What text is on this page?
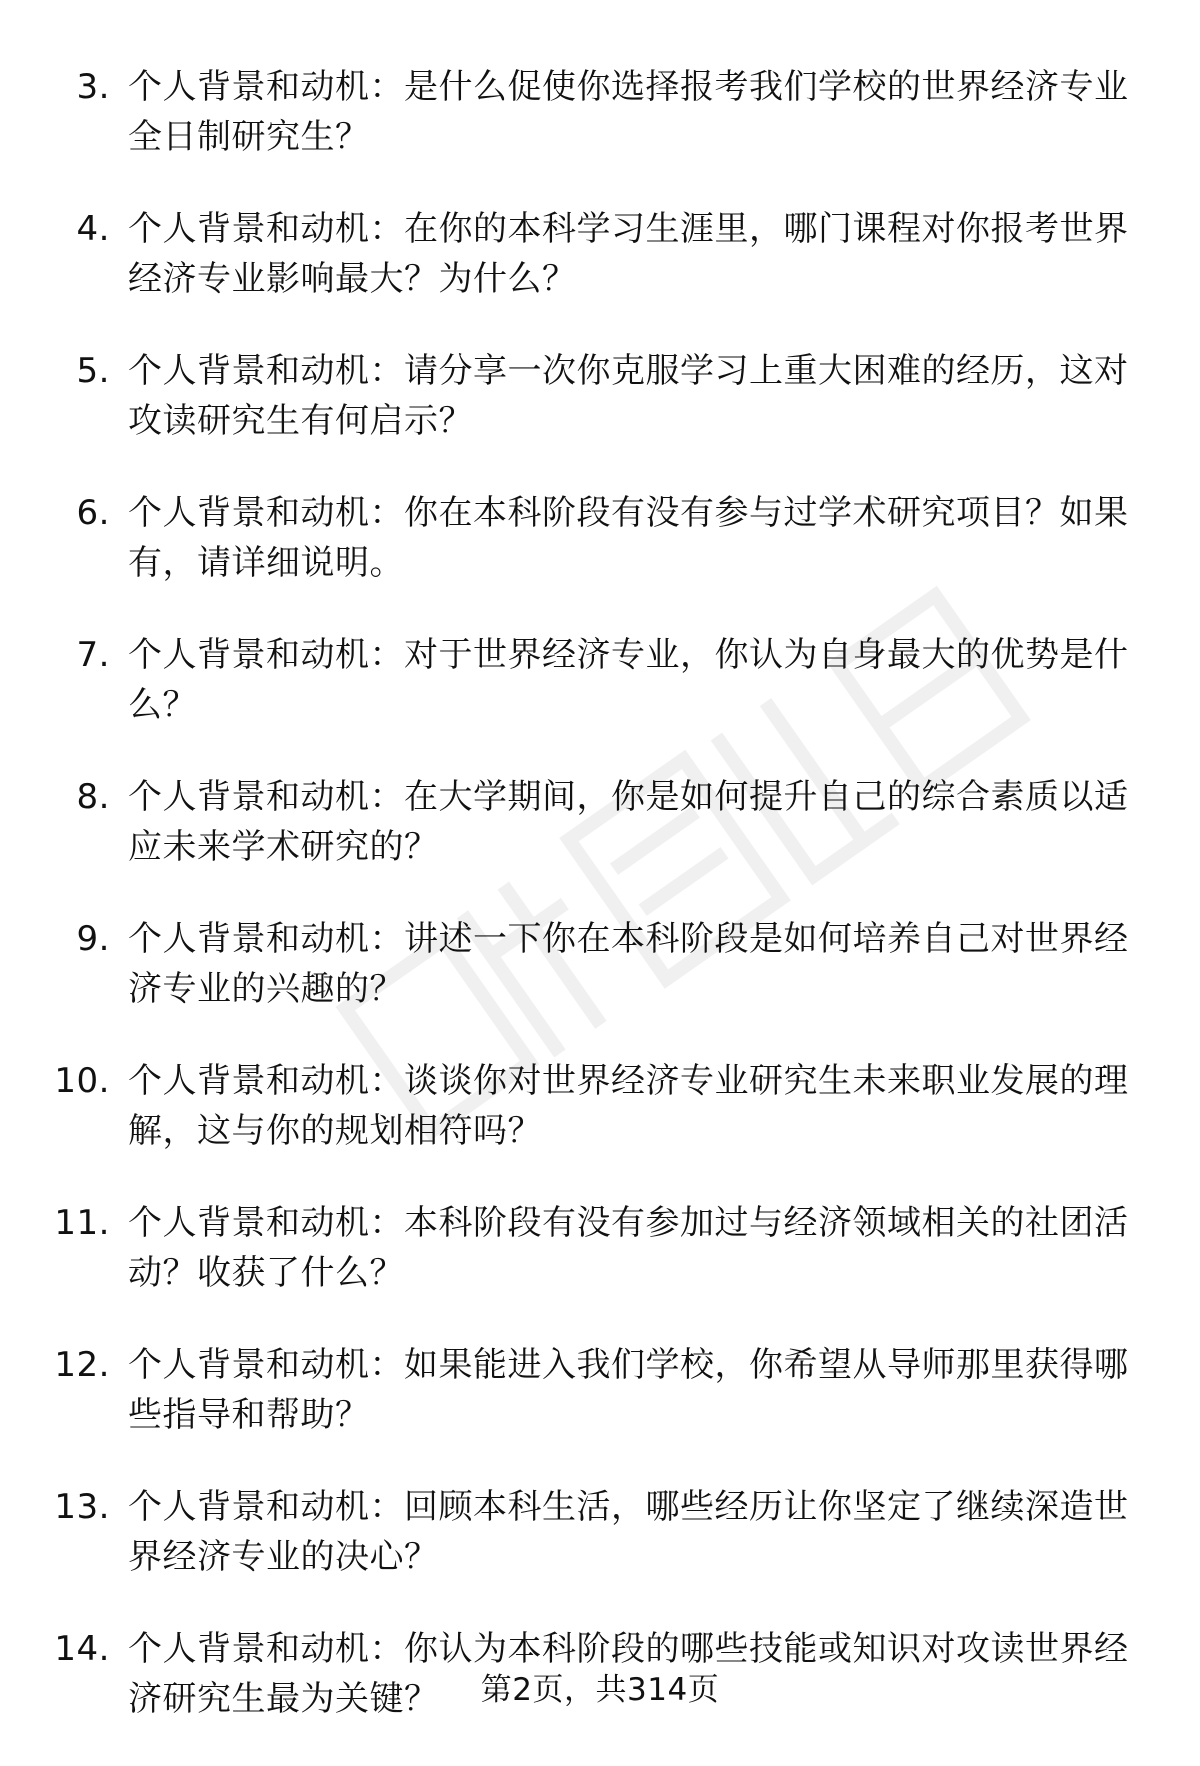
3. 个人背景和动机：是什么促使你选择报考我们学校的世界经济专业全日制研究生？
4. 个人背景和动机：在你的本科学习生涯里，哪门课程对你报考世界经济专业影响最大？为什么？
5. 个人背景和动机：请分享一次你克服学习上重大困难的经历，这对攻读研究生有何启示？
6. 个人背景和动机：你在本科阶段有没有参与过学术研究项目？如果有，请详细说明。
7. 个人背景和动机：对于世界经济专业，你认为自身最大的优势是什么？
8. 个人背景和动机：在大学期间，你是如何提升自己的综合素质以适应未来学术研究的？
9. 个人背景和动机：讲述一下你在本科阶段是如何培养自己对世界经济专业的兴趣的？
10. 个人背景和动机：谈谈你对世界经济专业研究生未来职业发展的理解，这与你的规划相符吗？
11. 个人背景和动机：本科阶段有没有参加过与经济领域相关的社团活动？收获了什么？
12. 个人背景和动机：如果能进入我们学校，你希望从导师那里获得哪些指导和帮助？
13. 个人背景和动机：回顾本科生活，哪些经历让你坚定了继续深造世界经济专业的决心？
14. 个人背景和动机：你认为本科阶段的哪些技能或知识对攻读世界经济研究生最为关键？	第2页，共314页
